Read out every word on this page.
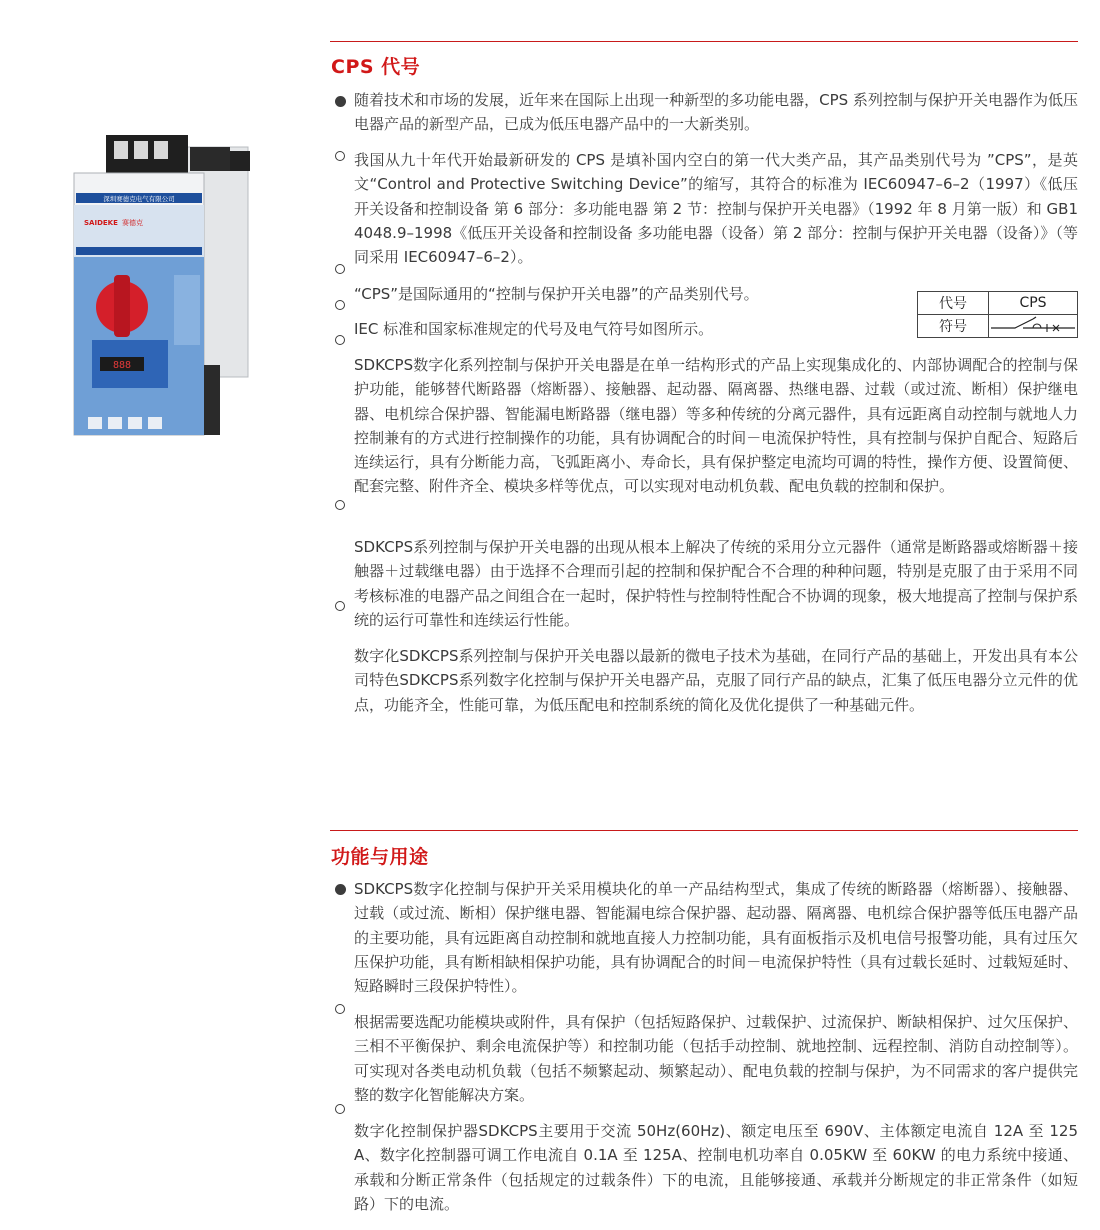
CPS 代号
随着技术和市场的发展，近年来在国际上出现一种新型的多功能电器，CPS 系列控制与保护开关电器作为低压电器产品的新型产品，已成为低压电器产品中的一大新类别。
我国从九十年代开始最新研发的 CPS 是填补国内空白的第一代大类产品，其产品类别代号为 ”CPS”，是英文“Control and Protective Switching Device”的缩写，其符合的标准为 IEC60947–6–2（1997）《低压开关设备和控制设备 第 6 部分：多功能电器 第 2 节：控制与保护开关电器》（1992 年 8 月第一版）和 GB14048.9–1998《低压开关设备和控制设备 多功能电器（设备）第 2 部分：控制与保护开关电器（设备）》（等同采用 IEC60947–6–2）。
“CPS”是国际通用的“控制与保护开关电器”的产品类别代号。
IEC 标准和国家标准规定的代号及电气符号如图所示。
代号	CPS
符号	
SDKCPS数字化系列控制与保护开关电器是在单一结构形式的产品上实现集成化的、内部协调配合的控制与保护功能，能够替代断路器（熔断器）、接触器、起动器、隔离器、热继电器、过载（或过流、断相）保护继电器、电机综合保护器、智能漏电断路器（继电器）等多种传统的分离元器件，具有远距离自动控制与就地人力控制兼有的方式进行控制操作的功能，具有协调配合的时间－电流保护特性，具有控制与保护自配合、短路后连续运行，具有分断能力高，飞弧距离小、寿命长，具有保护整定电流均可调的特性，操作方便、设置简便、配套完整、附件齐全、模块多样等优点，可以实现对电动机负载、配电负载的控制和保护。
SDKCPS系列控制与保护开关电器的出现从根本上解决了传统的采用分立元器件（通常是断路器或熔断器＋接触器＋过载继电器）由于选择不合理而引起的控制和保护配合不合理的种种问题，特别是克服了由于采用不同考核标准的电器产品之间组合在一起时，保护特性与控制特性配合不协调的现象，极大地提高了控制与保护系统的运行可靠性和连续运行性能。
数字化SDKCPS系列控制与保护开关电器以最新的微电子技术为基础，在同行产品的基础上，开发出具有本公司特色SDKCPS系列数字化控制与保护开关电器产品，克服了同行产品的缺点，汇集了低压电器分立元件的优点，功能齐全，性能可靠，为低压配电和控制系统的简化及优化提供了一种基础元件。
深圳赛德克电气有限公司
SAIDEKE 赛德克
888
功能与用途
SDKCPS数字化控制与保护开关采用模块化的单一产品结构型式，集成了传统的断路器（熔断器）、接触器、过载（或过流、断相）保护继电器、智能漏电综合保护器、起动器、隔离器、电机综合保护器等低压电器产品的主要功能，具有远距离自动控制和就地直接人力控制功能，具有面板指示及机电信号报警功能，具有过压欠压保护功能，具有断相缺相保护功能，具有协调配合的时间－电流保护特性（具有过载长延时、过载短延时、短路瞬时三段保护特性）。
根据需要选配功能模块或附件，具有保护（包括短路保护、过载保护、过流保护、断缺相保护、过欠压保护、三相不平衡保护、剩余电流保护等）和控制功能（包括手动控制、就地控制、远程控制、消防自动控制等）。可实现对各类电动机负载（包括不频繁起动、频繁起动）、配电负载的控制与保护，为不同需求的客户提供完整的数字化智能解决方案。
数字化控制保护器SDKCPS主要用于交流 50Hz(60Hz)、额定电压至 690V、主体额定电流自 12A 至 125A、数字化控制器可调工作电流自 0.1A 至 125A、控制电机功率自 0.05KW 至 60KW 的电力系统中接通、承载和分断正常条件（包括规定的过载条件）下的电流，且能够接通、承载并分断规定的非正常条件（如短路）下的电流。
